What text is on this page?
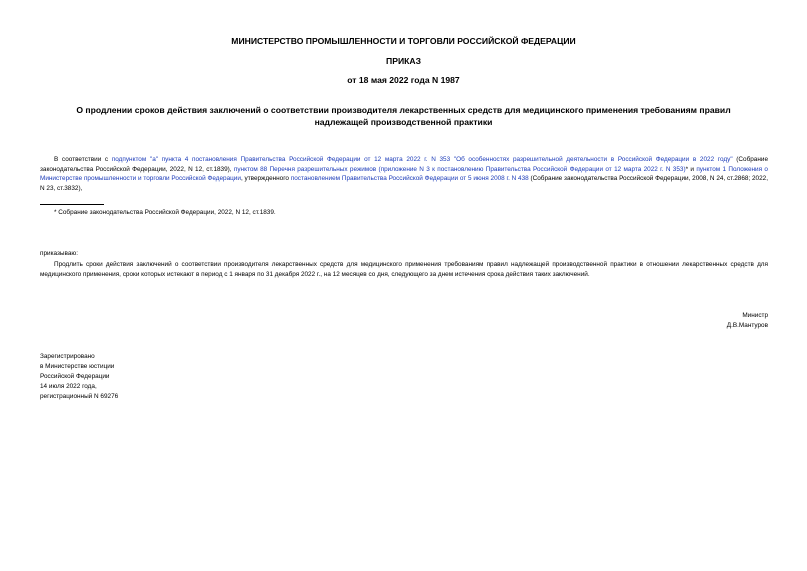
МИНИСТЕРСТВО ПРОМЫШЛЕННОСТИ И ТОРГОВЛИ РОССИЙСКОЙ ФЕДЕРАЦИИ
ПРИКАЗ
от 18 мая 2022 года N 1987
О продлении сроков действия заключений о соответствии производителя лекарственных средств для медицинского применения требованиям правил надлежащей производственной практики
В соответствии с подпунктом "а" пункта 4 постановления Правительства Российской Федерации от 12 марта 2022 г. N 353 "Об особенностях разрешительной деятельности в Российской Федерации в 2022 году" (Собрание законодательства Российской Федерации, 2022, N 12, ст.1839), пунктом 88 Перечня разрешительных режимов (приложение N 3 к постановлению Правительства Российской Федерации от 12 марта 2022 г. N 353)* и пунктом 1 Положения о Министерстве промышленности и торговли Российской Федерации, утвержденного постановлением Правительства Российской Федерации от 5 июня 2008 г. N 438 (Собрание законодательства Российской Федерации, 2008, N 24, ст.2868; 2022, N 23, ст.3832),
* Собрание законодательства Российской Федерации, 2022, N 12, ст.1839.
приказываю:
Продлить сроки действия заключений о соответствии производителя лекарственных средств для медицинского применения требованиям правил надлежащей производственной практики в отношении лекарственных средств для медицинского применения, сроки которых истекают в период с 1 января по 31 декабря 2022 г., на 12 месяцев со дня, следующего за днем истечения срока действия таких заключений.
Министр
Д.В.Мантуров
Зарегистрировано
в Министерстве юстиции
Российской Федерации
14 июля 2022 года,
регистрационный N 69276
